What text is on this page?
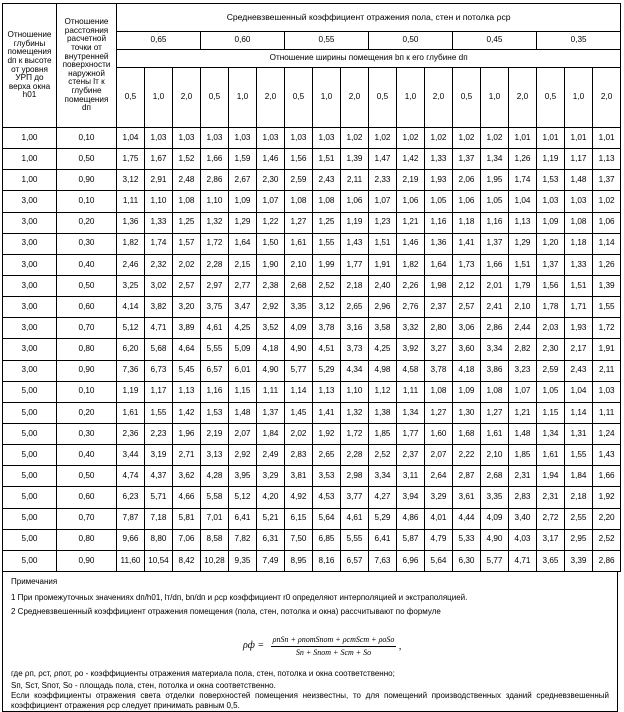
Отношение глубины помещения dп к высоте от уровня УРП до верха окна h01	Отношение расстояния расчетной точки от внутренней поверхности наружной стены lт к глубине помещения dп	Средневзвешенный коэффициент отражения пола, стен и потолка ρср																	
		0,65			0,60			0,55			0,50			0,45			0,35		
		Отношение ширины помещения bп к его глубине dп																	
		0,5	1,0	2,0	0,5	1,0	2,0	0,5	1,0	2,0	0,5	1,0	2,0	0,5	1,0	2,0	0,5	1,0	2,0
1,00	0,10	1,04	1,03	1,03	1,03	1,03	1,03	1,03	1,03	1,02	1,02	1,02	1,02	1,02	1,02	1,01	1,01	1,01	1,01
1,00	0,50	1,75	1,67	1,52	1,66	1,59	1,46	1,56	1,51	1,39	1,47	1,42	1,33	1,37	1,34	1,26	1,19	1,17	1,13
1,00	0,90	3,12	2,91	2,48	2,86	2,67	2,30	2,59	2,43	2,11	2,33	2,19	1,93	2,06	1,95	1,74	1,53	1,48	1,37
3,00	0,10	1,11	1,10	1,08	1,10	1,09	1,07	1,08	1,08	1,06	1,07	1,06	1,05	1,06	1,05	1,04	1,03	1,03	1,02
3,00	0,20	1,36	1,33	1,25	1,32	1,29	1,22	1,27	1,25	1,19	1,23	1,21	1,16	1,18	1,16	1,13	1,09	1,08	1,06
3,00	0,30	1,82	1,74	1,57	1,72	1,64	1,50	1,61	1,55	1,43	1,51	1,46	1,36	1,41	1,37	1,29	1,20	1,18	1,14
3,00	0,40	2,46	2,32	2,02	2,28	2,15	1,90	2,10	1,99	1,77	1,91	1,82	1,64	1,73	1,66	1,51	1,37	1,33	1,26
3,00	0,50	3,25	3,02	2,57	2,97	2,77	2,38	2,68	2,52	2,18	2,40	2,26	1,98	2,12	2,01	1,79	1,56	1,51	1,39
3,00	0,60	4,14	3,82	3,20	3,75	3,47	2,92	3,35	3,12	2,65	2,96	2,76	2,37	2,57	2,41	2,10	1,78	1,71	1,55
3,00	0,70	5,12	4,71	3,89	4,61	4,25	3,52	4,09	3,78	3,16	3,58	3,32	2,80	3,06	2,86	2,44	2,03	1,93	1,72
3,00	0,80	6,20	5,68	4,64	5,55	5,09	4,18	4,90	4,51	3,73	4,25	3,92	3,27	3,60	3,34	2,82	2,30	2,17	1,91
3,00	0,90	7,36	6,73	5,45	6,57	6,01	4,90	5,77	5,29	4,34	4,98	4,58	3,78	4,18	3,86	3,23	2,59	2,43	2,11
5,00	0,10	1,19	1,17	1,13	1,16	1,15	1,11	1,14	1,13	1,10	1,12	1,11	1,08	1,09	1,08	1,07	1,05	1,04	1,03
5,00	0,20	1,61	1,55	1,42	1,53	1,48	1,37	1,45	1,41	1,32	1,38	1,34	1,27	1,30	1,27	1,21	1,15	1,14	1,11
5,00	0,30	2,36	2,23	1,96	2,19	2,07	1,84	2,02	1,92	1,72	1,85	1,77	1,60	1,68	1,61	1,48	1,34	1,31	1,24
5,00	0,40	3,44	3,19	2,71	3,13	2,92	2,49	2,83	2,65	2,28	2,52	2,37	2,07	2,22	2,10	1,85	1,61	1,55	1,43
5,00	0,50	4,74	4,37	3,62	4,28	3,95	3,29	3,81	3,53	2,98	3,34	3,11	2,64	2,87	2,68	2,31	1,94	1,84	1,66
5,00	0,60	6,23	5,71	4,66	5,58	5,12	4,20	4,92	4,53	3,77	4,27	3,94	3,29	3,61	3,35	2,83	2,31	2,18	1,92
5,00	0,70	7,87	7,18	5,81	7,01	6,41	5,21	6,15	5,64	4,61	5,29	4,86	4,01	4,44	4,09	3,40	2,72	2,55	2,20
5,00	0,80	9,66	8,80	7,06	8,58	7,82	6,31	7,50	6,85	5,55	6,41	5,87	4,79	5,33	4,90	4,03	3,17	2,95	2,52
5,00	0,90	11,60	10,54	8,42	10,28	9,35	7,49	8,95	8,16	6,57	7,63	6,96	5,64	6,30	5,77	4,71	3,65	3,39	2,86
Примечания
1 При промежуточных значениях dп/h01, lт/dп, bп/dп и ρср коэффициент r0 определяют интерполяцией и экстраполяцией.
2 Средневзвешенный коэффициент отражения помещения (пола, стен, потолка и окна) рассчитывают по формуле
$\rho ф = \frac{\text{ρпSп + ρпотSпот + ρстSст + ρоSо}}{\text{Sп + Sпот + Sст + Sо}}$ ,
где ρп, ρст, ρпот, ρо - коэффициенты отражения материала пола, стен, потолка и окна соответственно;
Sп, Sст, Sпот, Sо - площадь пола, стен, потолка и окна соответственно.
Если коэффициенты отражения света отделки поверхностей помещения неизвестны, то для помещений производственных зданий средневзвешенный коэффициент отражения ρср следует принимать равным 0,5.
